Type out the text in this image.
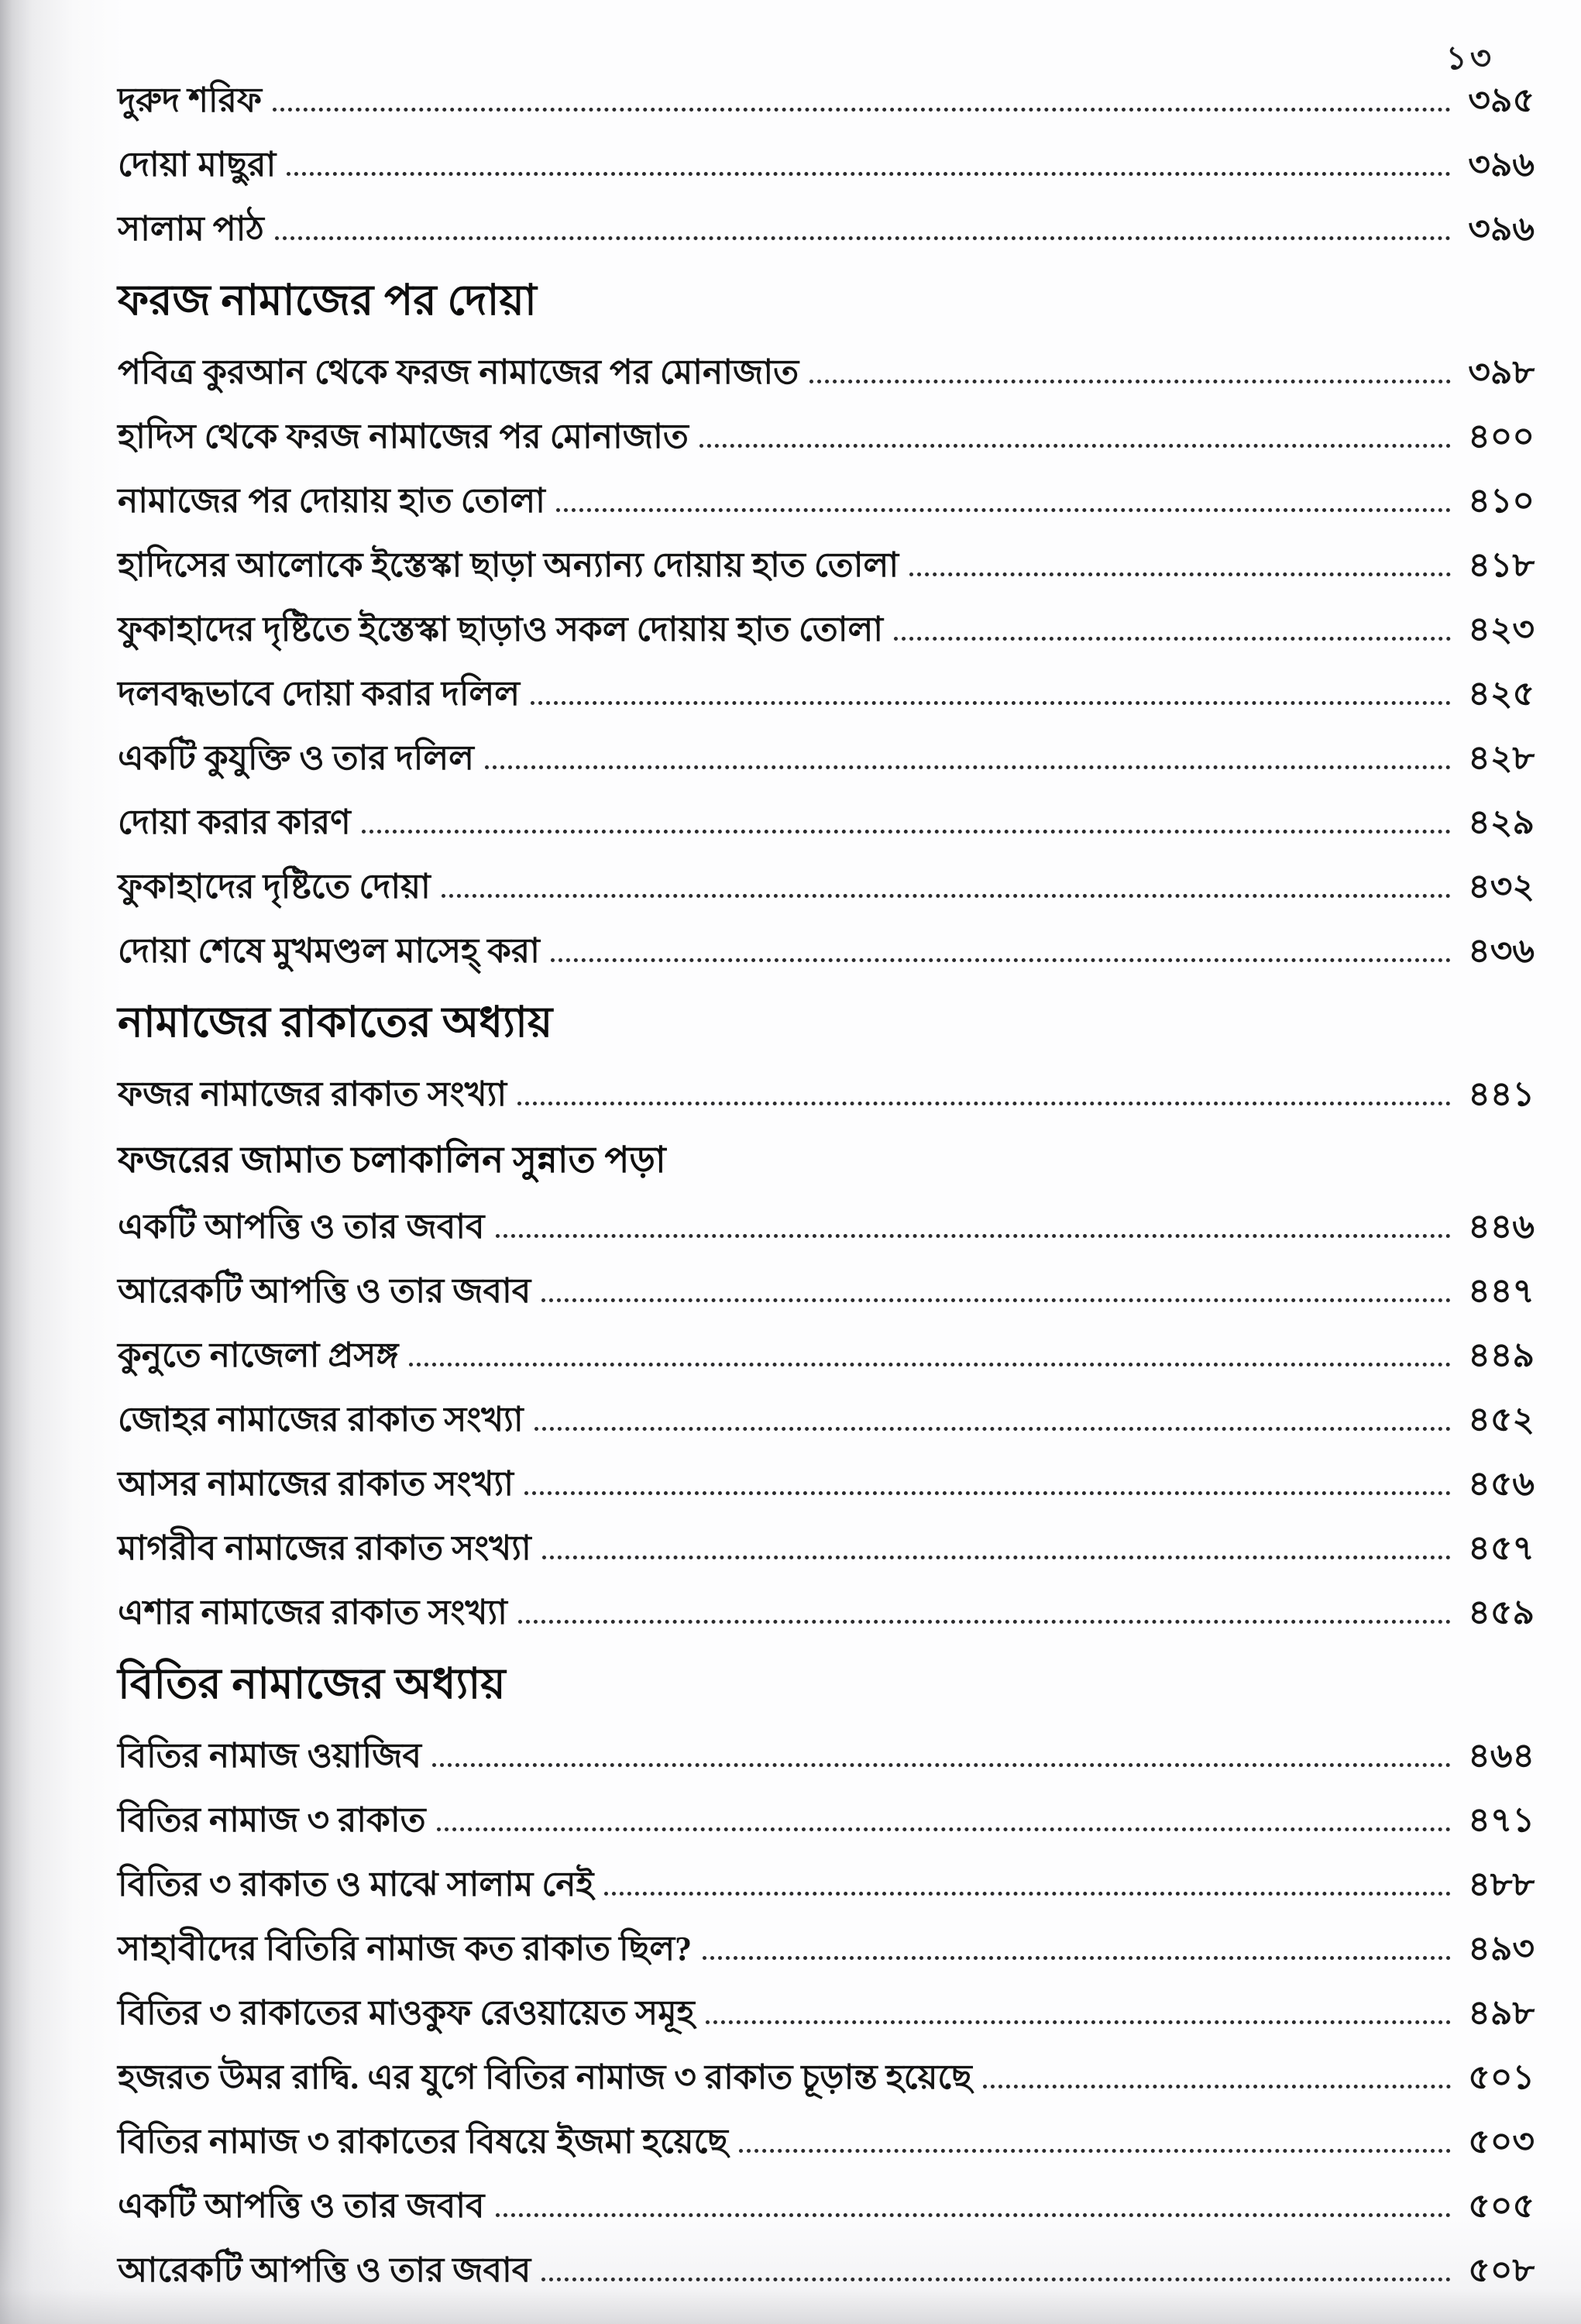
১৩
দুরুদ শরিফ	৩৯৫
দোয়া মাছুরা	৩৯৬
সালাম পাঠ	৩৯৬
ফরজ নামাজের পর দোয়া
পবিত্র কুরআন থেকে ফরজ নামাজের পর মোনাজাত	৩৯৮
হাদিস থেকে ফরজ নামাজের পর মোনাজাত	৪০০
নামাজের পর দোয়ায় হাত তোলা	৪১০
হাদিসের আলোকে ইস্তেস্কা ছাড়া অন্যান্য দোয়ায় হাত তোলা	৪১৮
ফুকাহাদের দৃষ্টিতে ইস্তেস্কা ছাড়াও সকল দোয়ায় হাত তোলা	৪২৩
দলবদ্ধভাবে দোয়া করার দলিল	৪২৫
একটি কুযুক্তি ও তার দলিল	৪২৮
দোয়া করার কারণ	৪২৯
ফুকাহাদের দৃষ্টিতে দোয়া	৪৩২
দোয়া শেষে মুখমণ্ডল মাসেহ্ করা	৪৩৬
নামাজের রাকাতের অধ্যায়
ফজর নামাজের রাকাত সংখ্যা	৪৪১
ফজরের জামাত চলাকালিন সুন্নাত পড়া
একটি আপত্তি ও তার জবাব	৪৪৬
আরেকটি আপত্তি ও তার জবাব	৪৪৭
কুনুতে নাজেলা প্রসঙ্গ	৪৪৯
জোহর নামাজের রাকাত সংখ্যা	৪৫২
আসর নামাজের রাকাত সংখ্যা	৪৫৬
মাগরীব নামাজের রাকাত সংখ্যা	৪৫৭
এশার নামাজের রাকাত সংখ্যা	৪৫৯
বিতির নামাজের অধ্যায়
বিতির নামাজ ওয়াজিব	৪৬৪
বিতির নামাজ ৩ রাকাত	৪৭১
বিতির ৩ রাকাত ও মাঝে সালাম নেই	৪৮৮
সাহাবীদের বিতিরি নামাজ কত রাকাত ছিল?	৪৯৩
বিতির ৩ রাকাতের মাওকুফ রেওয়ায়েত সমূহ	৪৯৮
হজরত উমর রাদ্বি. এর যুগে বিতির নামাজ ৩ রাকাত চূড়ান্ত হয়েছে	৫০১
বিতির নামাজ ৩ রাকাতের বিষয়ে ইজমা হয়েছে	৫০৩
একটি আপত্তি ও তার জবাব	৫০৫
আরেকটি আপত্তি ও তার জবাব	৫০৮
